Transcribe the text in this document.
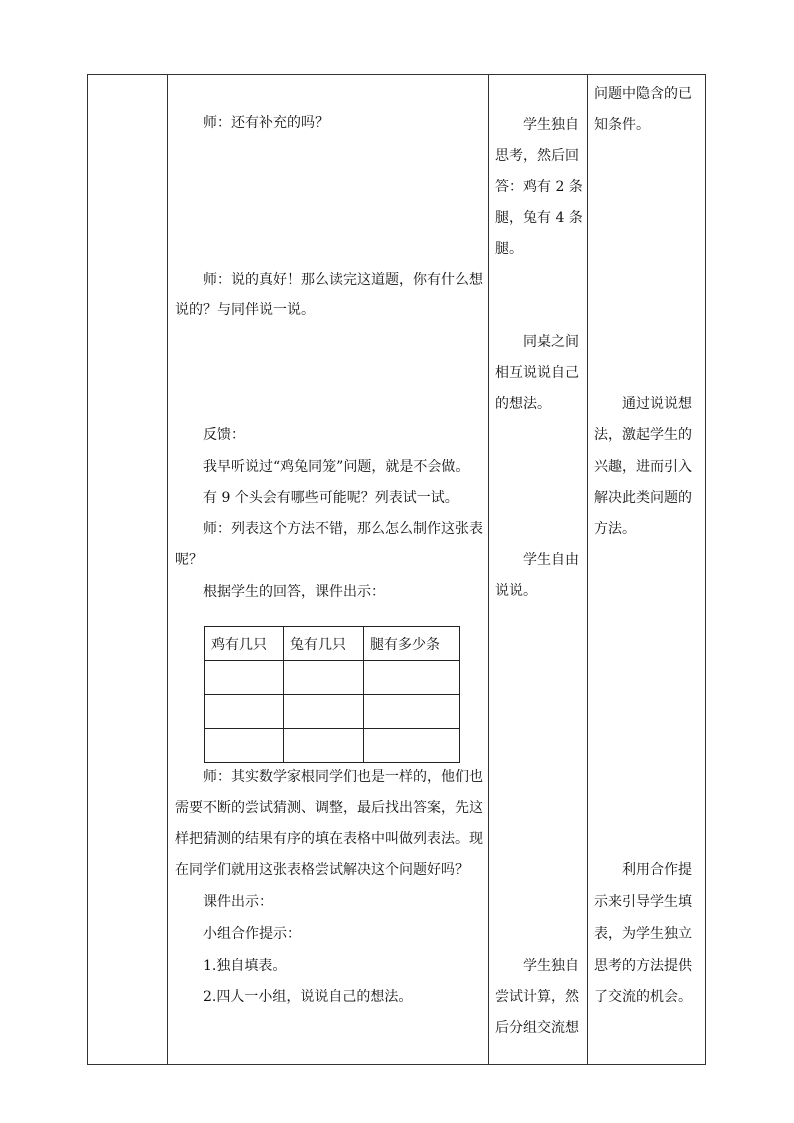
师：还有补充的吗？
师：说的真好！那么读完这道题，你有什么想
说的？与同伴说一说。
反馈：
我早听说过“鸡兔同笼”问题，就是不会做。
有 9 个头会有哪些可能呢？列表试一试。
师：列表这个方法不错，那么怎么制作这张表
呢？
根据学生的回答，课件出示：
鸡有几只	兔有几只	腿有多少条

师：其实数学家根同学们也是一样的，他们也
需要不断的尝试猜测、调整，最后找出答案，先这
样把猜测的结果有序的填在表格中叫做列表法。现
在同学们就用这张表格尝试解决这个问题好吗？
课件出示：
小组合作提示：
1.独自填表。
2.四人一小组，说说自己的想法。
学生独自
思考，然后回
答：鸡有 2 条
腿，兔有 4 条
腿。
同桌之间
相互说说自己
的想法。
学生自由
说说。
学生独自
尝试计算，然
后分组交流想
问题中隐含的已
知条件。
通过说说想
法，激起学生的
兴趣，进而引入
解决此类问题的
方法。
利用合作提
示来引导学生填
表，为学生独立
思考的方法提供
了交流的机会。
